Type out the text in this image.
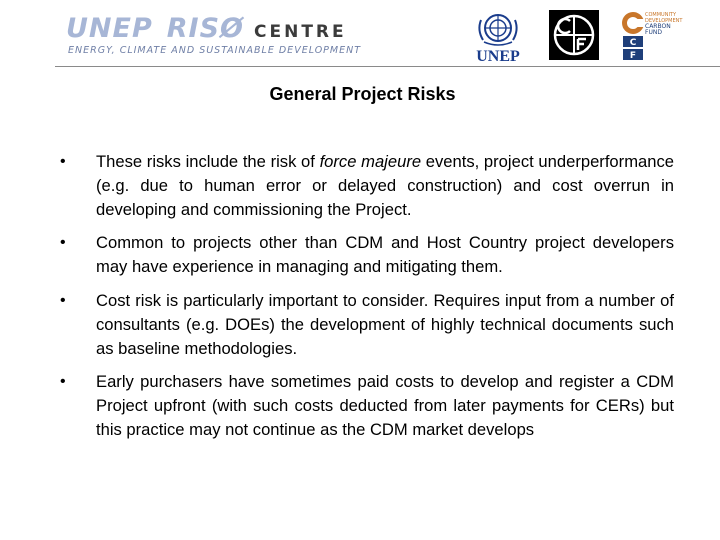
UNEP RISØ CENTRE
ENERGY, CLIMATE AND SUSTAINABLE DEVELOPMENT	UNEP
C
F
COMMUNITY
DEVELOPMENT
CARBON
FUND
General Project Risks
• These risks include the risk of force majeure events, project underperformance (e.g. due to human error or delayed construction) and cost overrun in developing and commissioning the Project.
• Common to projects other than CDM and Host Country project developers may have experience in managing and mitigating them.
• Cost risk is particularly important to consider. Requires input from a number of consultants (e.g. DOEs) the development of highly technical documents such as baseline methodologies.
• Early purchasers have sometimes paid costs to develop and register a CDM Project upfront (with such costs deducted from later payments for CERs) but this practice may not continue as the CDM market develops
